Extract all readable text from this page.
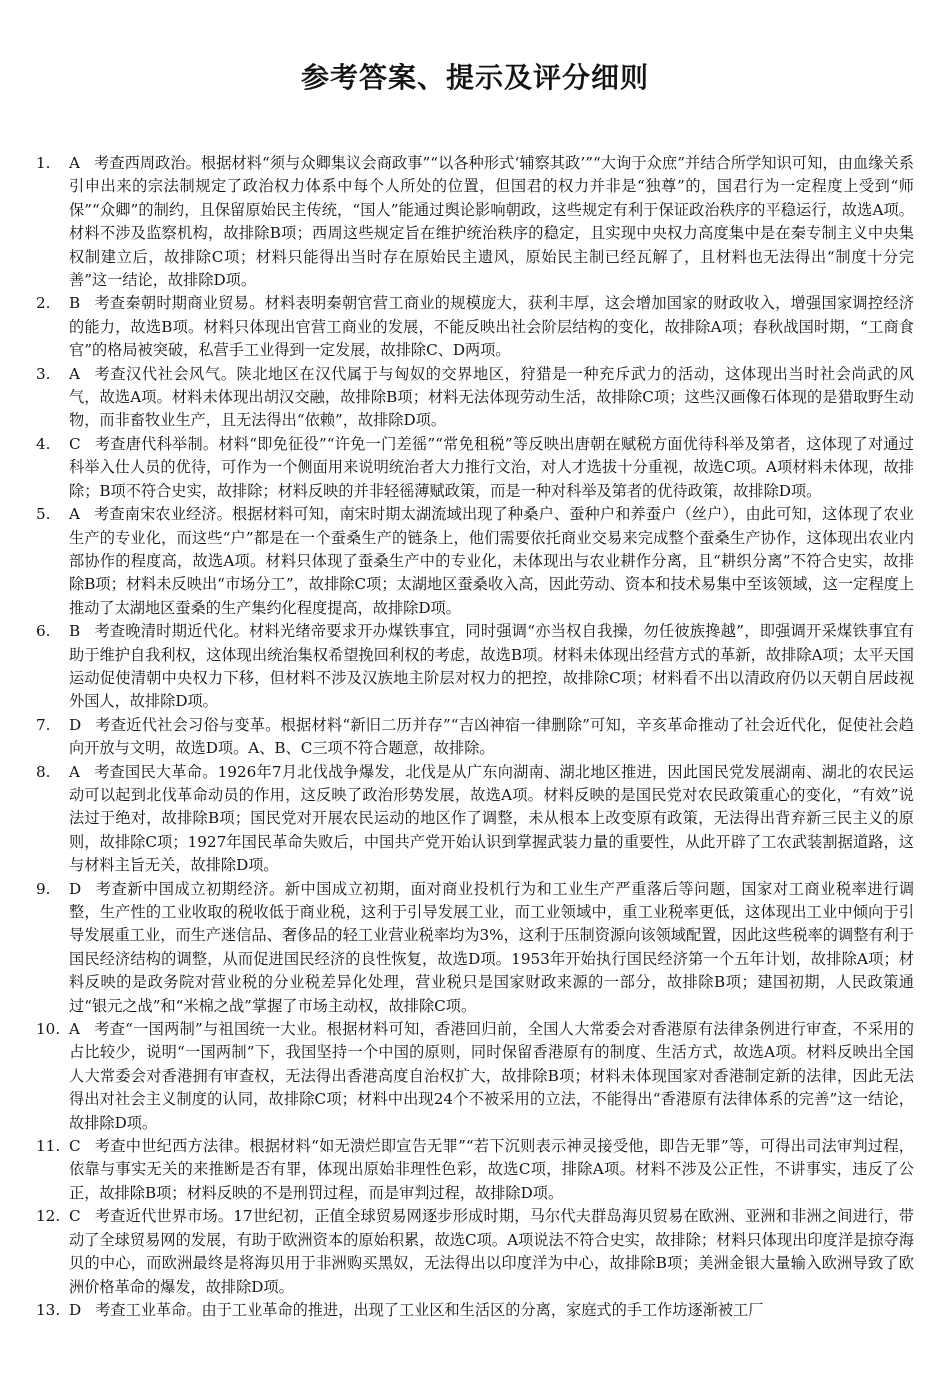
参考答案、提示及评分细则
1.	A 考查西周政治。根据材料“须与众卿集议会商政事”“以各种形式‘辅察其政’”“大询于众庶”并结合所学知识可知，由血缘关系引申出来的宗法制规定了政治权力体系中每个人所处的位置，但国君的权力并非是“独尊”的，国君行为一定程度上受到“师保”“众卿”的制约，且保留原始民主传统，“国人”能通过舆论影响朝政，这些规定有利于保证政治秩序的平稳运行，故选A项。材料不涉及监察机构，故排除B项；西周这些规定旨在维护统治秩序的稳定，且实现中央权力高度集中是在秦专制主义中央集权制建立后，故排除C项；材料只能得出当时存在原始民主遗风，原始民主制已经瓦解了，且材料也无法得出“制度十分完善”这一结论，故排除D项。
2.	B 考查秦朝时期商业贸易。材料表明秦朝官营工商业的规模庞大，获利丰厚，这会增加国家的财政收入，增强国家调控经济的能力，故选B项。材料只体现出官营工商业的发展，不能反映出社会阶层结构的变化，故排除A项；春秋战国时期，“工商食官”的格局被突破，私营手工业得到一定发展，故排除C、D两项。
3.	A 考查汉代社会风气。陕北地区在汉代属于与匈奴的交界地区，狩猎是一种充斥武力的活动，这体现出当时社会尚武的风气，故选A项。材料未体现出胡汉交融，故排除B项；材料无法体现劳动生活，故排除C项；这些汉画像石体现的是猎取野生动物，而非畜牧业生产，且无法得出“依赖”，故排除D项。
4.	C 考查唐代科举制。材料“即免征役”“许免一门差徭”“常免租税”等反映出唐朝在赋税方面优待科举及第者，这体现了对通过科举入仕人员的优待，可作为一个侧面用来说明统治者大力推行文治，对人才选拔十分重视，故选C项。A项材料未体现，故排除；B项不符合史实，故排除；材料反映的并非轻徭薄赋政策，而是一种对科举及第者的优待政策，故排除D项。
5.	A 考查南宋农业经济。根据材料可知，南宋时期太湖流域出现了种桑户、蚕种户和养蚕户（丝户），由此可知，这体现了农业生产的专业化，而这些“户”都是在一个蚕桑生产的链条上，他们需要依托商业交易来完成整个蚕桑生产协作，这体现出农业内部协作的程度高，故选A项。材料只体现了蚕桑生产中的专业化，未体现出与农业耕作分离，且“耕织分离”不符合史实，故排除B项；材料未反映出“市场分工”，故排除C项；太湖地区蚕桑收入高，因此劳动、资本和技术易集中至该领域，这一定程度上推动了太湖地区蚕桑的生产集约化程度提高，故排除D项。
6.	B 考查晚清时期近代化。材料光绪帝要求开办煤铁事宜，同时强调“亦当权自我操，勿任彼族搀越”，即强调开采煤铁事宜有助于维护自我利权，这体现出统治集权希望挽回利权的考虑，故选B项。材料未体现出经营方式的革新，故排除A项；太平天国运动促使清朝中央权力下移，但材料不涉及汉族地主阶层对权力的把控，故排除C项；材料看不出以清政府仍以天朝自居歧视外国人，故排除D项。
7.	D 考查近代社会习俗与变革。根据材料“新旧二历并存”“吉凶神宿一律删除”可知，辛亥革命推动了社会近代化，促使社会趋向开放与文明，故选D项。A、B、C三项不符合题意，故排除。
8.	A 考查国民大革命。1926年7月北伐战争爆发，北伐是从广东向湖南、湖北地区推进，因此国民党发展湖南、湖北的农民运动可以起到北伐革命动员的作用，这反映了政治形势发展，故选A项。材料反映的是国民党对农民政策重心的变化，“有效”说法过于绝对，故排除B项；国民党对开展农民运动的地区作了调整，未从根本上改变原有政策，无法得出背弃新三民主义的原则，故排除C项；1927年国民革命失败后，中国共产党开始认识到掌握武装力量的重要性，从此开辟了工农武装割据道路，这与材料主旨无关，故排除D项。
9.	D 考查新中国成立初期经济。新中国成立初期，面对商业投机行为和工业生产严重落后等问题，国家对工商业税率进行调整，生产性的工业收取的税收低于商业税，这利于引导发展工业，而工业领域中，重工业税率更低，这体现出工业中倾向于引导发展重工业，而生产迷信品、奢侈品的轻工业营业税率均为3%，这利于压制资源向该领域配置，因此这些税率的调整有利于国民经济结构的调整，从而促进国民经济的良性恢复，故选D项。1953年开始执行国民经济第一个五年计划，故排除A项；材料反映的是政务院对营业税的分业税差异化处理，营业税只是国家财政来源的一部分，故排除B项；建国初期，人民政策通过“银元之战”和“米棉之战”掌握了市场主动权，故排除C项。
10. A 考查“一国两制”与祖国统一大业。根据材料可知，香港回归前，全国人大常委会对香港原有法律条例进行审查，不采用的占比较少，说明“一国两制”下，我国坚持一个中国的原则，同时保留香港原有的制度、生活方式，故选A项。材料反映出全国人大常委会对香港拥有审查权，无法得出香港高度自治权扩大，故排除B项；材料未体现国家对香港制定新的法律，因此无法得出对社会主义制度的认同，故排除C项；材料中出现24个不被采用的立法，不能得出“香港原有法律体系的完善”这一结论，故排除D项。
11. C 考查中世纪西方法律。根据材料“如无溃烂即宣告无罪”“若下沉则表示神灵接受他，即告无罪”等，可得出司法审判过程，依靠与事实无关的来推断是否有罪，体现出原始非理性色彩，故选C项，排除A项。材料不涉及公正性，不讲事实，违反了公正，故排除B项；材料反映的不是刑罚过程，而是审判过程，故排除D项。
12. C 考查近代世界市场。17世纪初，正值全球贸易网逐步形成时期，马尔代夫群岛海贝贸易在欧洲、亚洲和非洲之间进行，带动了全球贸易网的发展，有助于欧洲资本的原始积累，故选C项。A项说法不符合史实，故排除；材料只体现出印度洋是掠夺海贝的中心，而欧洲最终是将海贝用于非洲购买黑奴，无法得出以印度洋为中心，故排除B项；美洲金银大量输入欧洲导致了欧洲价格革命的爆发，故排除D项。
13. D 考查工业革命。由于工业革命的推进，出现了工业区和生活区的分离，家庭式的手工作坊逐渐被工厂
